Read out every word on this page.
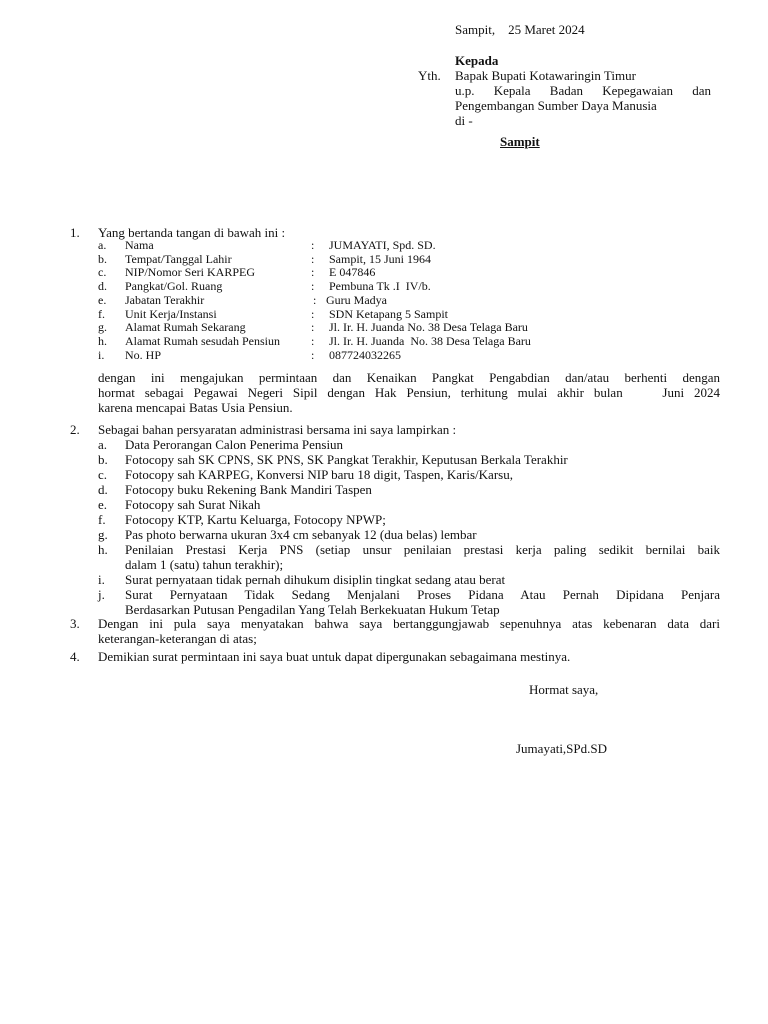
Sampit,    25 Maret 2024
Kepada
Yth. Bapak Bupati Kotawaringin Timur
u.p. Kepala Badan Kepegawaian dan
Pengembangan Sumber Daya Manusia
di -
Sampit
1. Yang bertanda tangan di bawah ini :
a. Nama	: JUMAYATI, Spd. SD.
b. Tempat/Tanggal Lahir	: Sampit, 15 Juni 1964
c. NIP/Nomor Seri KARPEG	: E 047846
d. Pangkat/Gol. Ruang	: Pembuna Tk .I  IV/b.
e. Jabatan Terakhir	: Guru Madya
f. Unit Kerja/Instansi	: SDN Ketapang 5 Sampit
g. Alamat Rumah Sekarang	: Jl. Ir. H. Juanda No. 38 Desa Telaga Baru
h. Alamat Rumah sesudah Pensiun	: Jl. Ir. H. Juanda  No. 38 Desa Telaga Baru
i. No. HP	: 087724032265
dengan ini mengajukan permintaan dan Kenaikan Pangkat Pengabdian dan/atau berhenti dengan
hormat sebagai Pegawai Negeri Sipil dengan Hak Pensiun, terhitung mulai akhir bulan    Juni 2024
karena mencapai Batas Usia Pensiun.
2. Sebagai bahan persyaratan administrasi bersama ini saya lampirkan :
a. Data Perorangan Calon Penerima Pensiun
b. Fotocopy sah SK CPNS, SK PNS, SK Pangkat Terakhir, Keputusan Berkala Terakhir
c. Fotocopy sah KARPEG, Konversi NIP baru 18 digit, Taspen, Karis/Karsu,
d. Fotocopy buku Rekening Bank Mandiri Taspen
e. Fotocopy sah Surat Nikah
f. Fotocopy KTP, Kartu Keluarga, Fotocopy NPWP;
g. Pas photo berwarna ukuran 3x4 cm sebanyak 12 (dua belas) lembar
h. Penilaian Prestasi Kerja PNS (setiap unsur penilaian prestasi kerja paling sedikit bernilai baik
dalam 1 (satu) tahun terakhir);
i. Surat pernyataan tidak pernah dihukum disiplin tingkat sedang atau berat
j. Surat Pernyataan Tidak Sedang Menjalani Proses Pidana Atau Pernah Dipidana Penjara
Berdasarkan Putusan Pengadilan Yang Telah Berkekuatan Hukum Tetap
3. Dengan ini pula saya menyatakan bahwa saya bertanggungjawab sepenuhnya atas kebenaran data dari
keterangan-keterangan di atas;
4. Demikian surat permintaan ini saya buat untuk dapat dipergunakan sebagaimana mestinya.
Hormat saya,
Jumayati,SPd.SD
